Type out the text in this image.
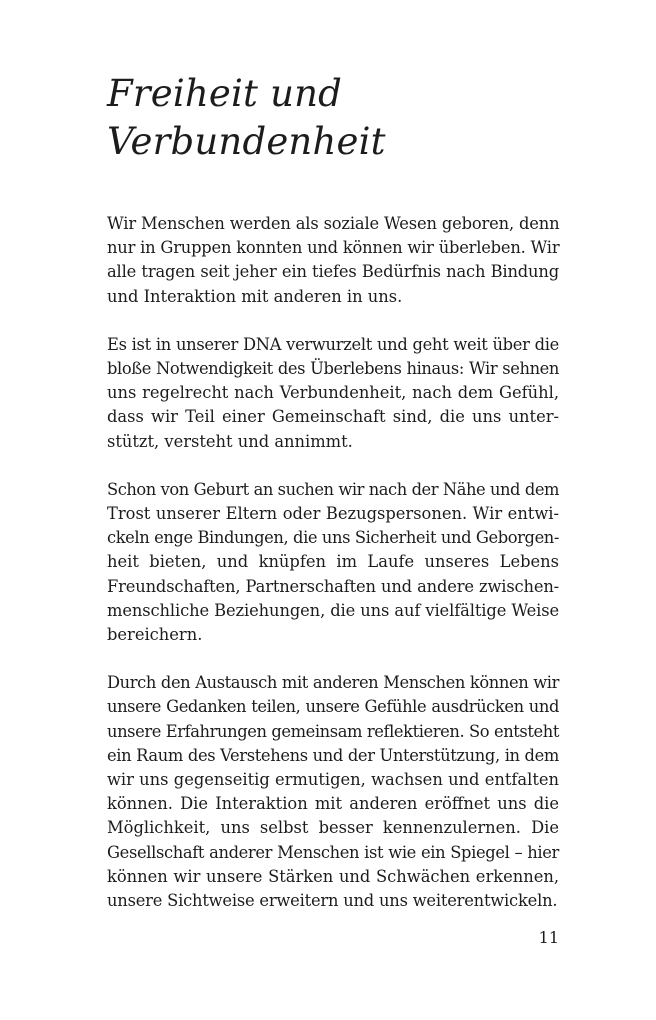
Freiheit und
Verbundenheit

Wir Menschen werden als soziale Wesen geboren, denn
nur in Gruppen konnten und können wir überleben. Wir
alle tragen seit jeher ein tiefes Bedürfnis nach Bindung
und Interaktion mit anderen in uns.

Es ist in unserer DNA verwurzelt und geht weit über die
bloße Notwendigkeit des Überlebens hinaus: Wir sehnen
uns regelrecht nach Verbundenheit, nach dem Gefühl,
dass wir Teil einer Gemeinschaft sind, die uns unter-
stützt, versteht und annimmt.

Schon von Geburt an suchen wir nach der Nähe und dem
Trost unserer Eltern oder Bezugspersonen. Wir entwi-
ckeln enge Bindungen, die uns Sicherheit und Geborgen-
heit bieten, und knüpfen im Laufe unseres Lebens
Freundschaften, Partnerschaften und andere zwischen-
menschliche Beziehungen, die uns auf vielfältige Weise
bereichern.

Durch den Austausch mit anderen Menschen können wir
unsere Gedanken teilen, unsere Gefühle ausdrücken und
unsere Erfahrungen gemeinsam reflektieren. So entsteht
ein Raum des Verstehens und der Unterstützung, in dem
wir uns gegenseitig ermutigen, wachsen und entfalten
können. Die Interaktion mit anderen eröffnet uns die
Möglichkeit, uns selbst besser kennenzulernen. Die
Gesellschaft anderer Menschen ist wie ein Spiegel – hier
können wir unsere Stärken und Schwächen erkennen,
unsere Sichtweise erweitern und uns weiterentwickeln.

11
